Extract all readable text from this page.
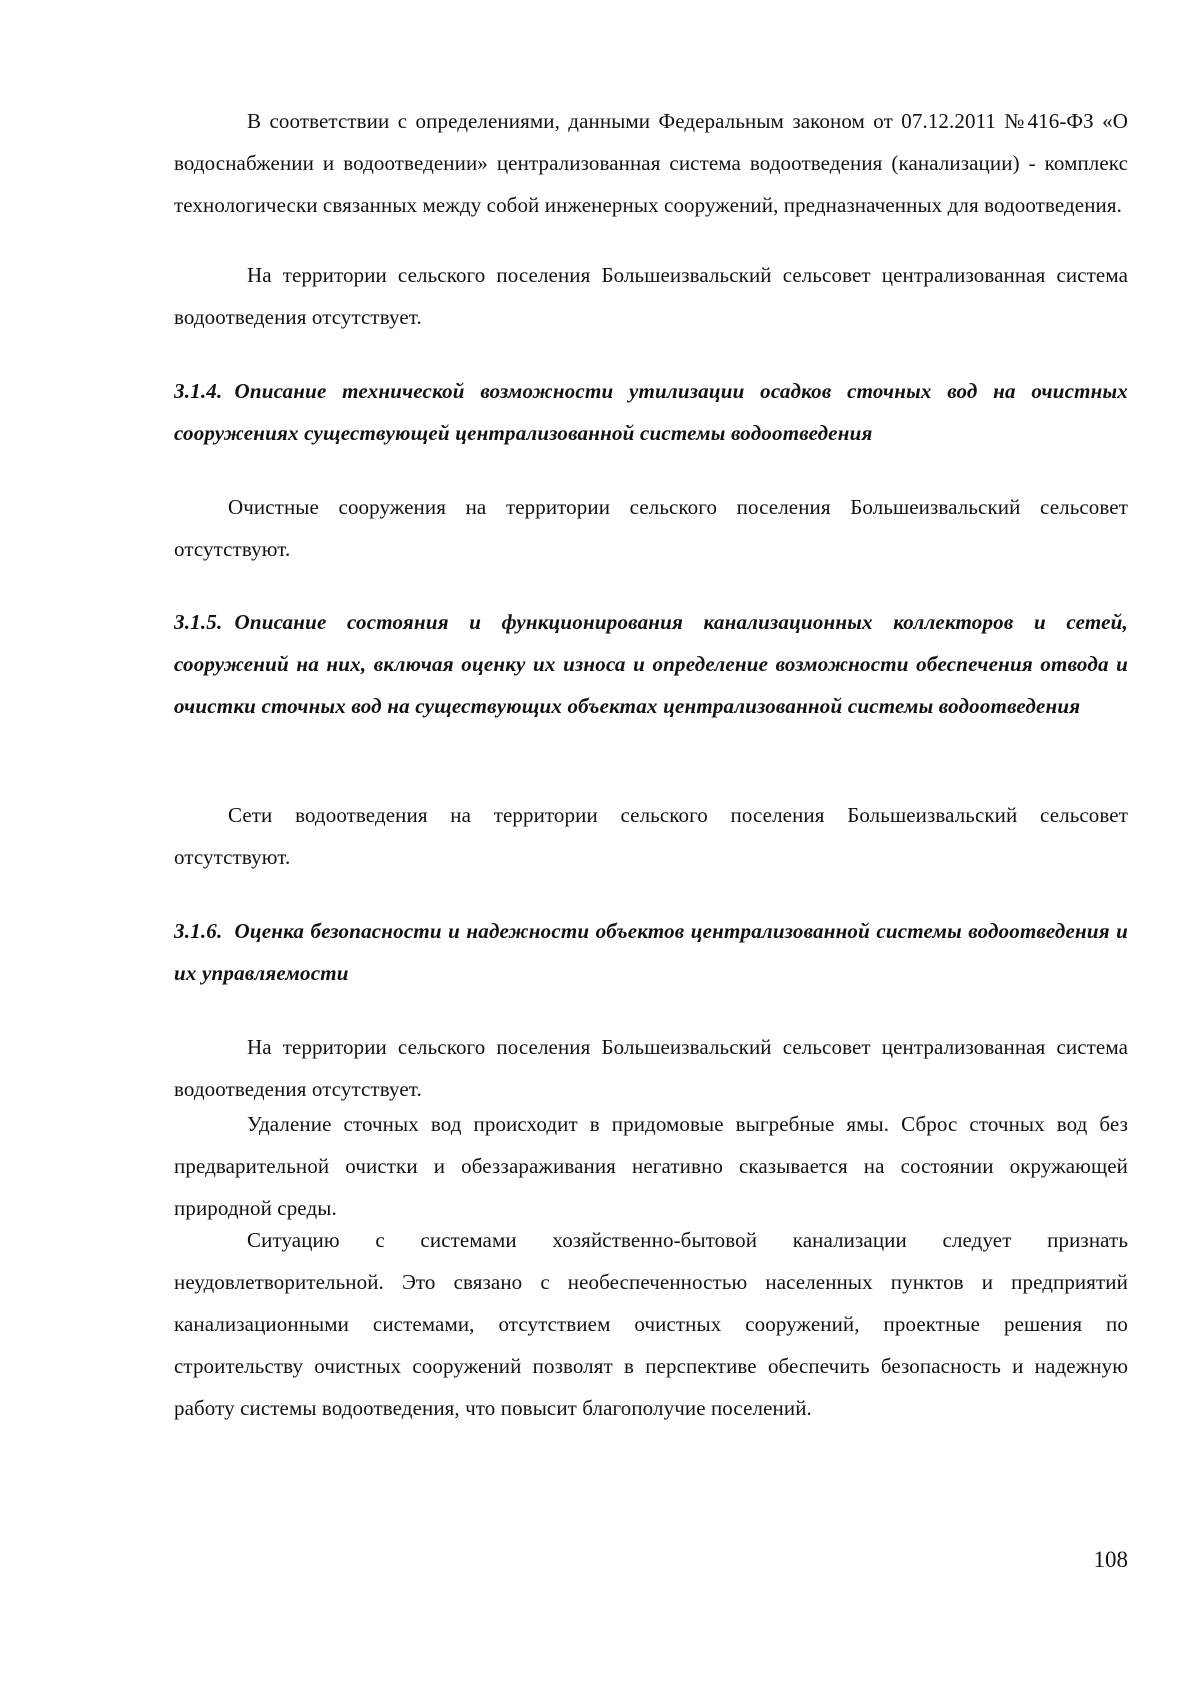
В соответствии с определениями, данными Федеральным законом от 07.12.2011 №416-ФЗ «О водоснабжении и водоотведении» централизованная система водоотведения (канализации) - комплекс технологически связанных между собой инженерных сооружений, предназначенных для водоотведения.

На территории сельского поселения Большеизвальский сельсовет централизованная система водоотведения отсутствует.

3.1.4. Описание технической возможности утилизации осадков сточных вод на очистных сооружениях существующей централизованной системы водоотведения

Очистные сооружения на территории сельского поселения Большеизвальский сельсовет отсутствуют.

3.1.5. Описание состояния и функционирования канализационных коллекторов и сетей, сооружений на них, включая оценку их износа и определение возможности обеспечения отвода и очистки сточных вод на существующих объектах централизованной системы водоотведения

Сети водоотведения на территории сельского поселения Большеизвальский сельсовет отсутствуют.

3.1.6. Оценка безопасности и надежности объектов централизованной системы водоотведения и их управляемости

На территории сельского поселения Большеизвальский сельсовет централизованная система водоотведения отсутствует.

Удаление сточных вод происходит в придомовые выгребные ямы. Сброс сточных вод без предварительной очистки и обеззараживания негативно сказывается на состоянии окружающей природной среды.

Ситуацию с системами хозяйственно-бытовой канализации следует признать неудовлетворительной. Это связано с необеспеченностью населенных пунктов и предприятий канализационными системами, отсутствием очистных сооружений, проектные решения по строительству очистных сооружений позволят в перспективе обеспечить безопасность и надежную работу системы водоотведения, что повысит благополучие поселений.

108
